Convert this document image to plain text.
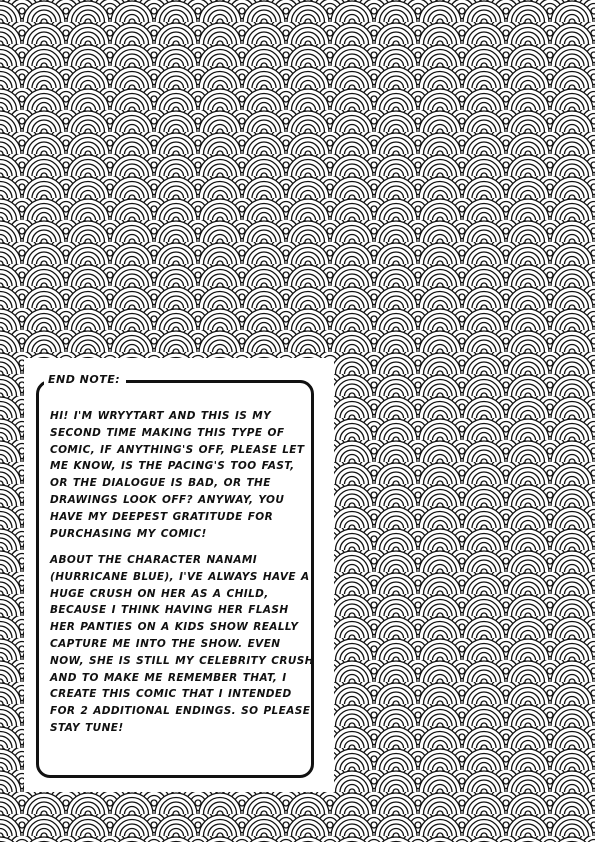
END NOTE:

HI! I'M WRYYTART AND THIS IS MY SECOND TIME MAKING THIS TYPE OF COMIC, IF ANYTHING'S OFF, PLEASE LET ME KNOW, IS THE PACING'S TOO FAST, OR THE DIALOGUE IS BAD, OR THE DRAWINGS LOOK OFF? ANYWAY, YOU HAVE MY DEEPEST GRATITUDE FOR PURCHASING MY COMIC!

ABOUT THE CHARACTER NANAMI (HURRICANE BLUE), I'VE ALWAYS HAVE A HUGE CRUSH ON HER AS A CHILD, BECAUSE I THINK HAVING HER FLASH HER PANTIES ON A KIDS SHOW REALLY CAPTURE ME INTO THE SHOW. EVEN NOW, SHE IS STILL MY CELEBRITY CRUSH AND TO MAKE ME REMEMBER THAT, I CREATE THIS COMIC THAT I INTENDED FOR 2 ADDITIONAL ENDINGS. SO PLEASE STAY TUNE!
